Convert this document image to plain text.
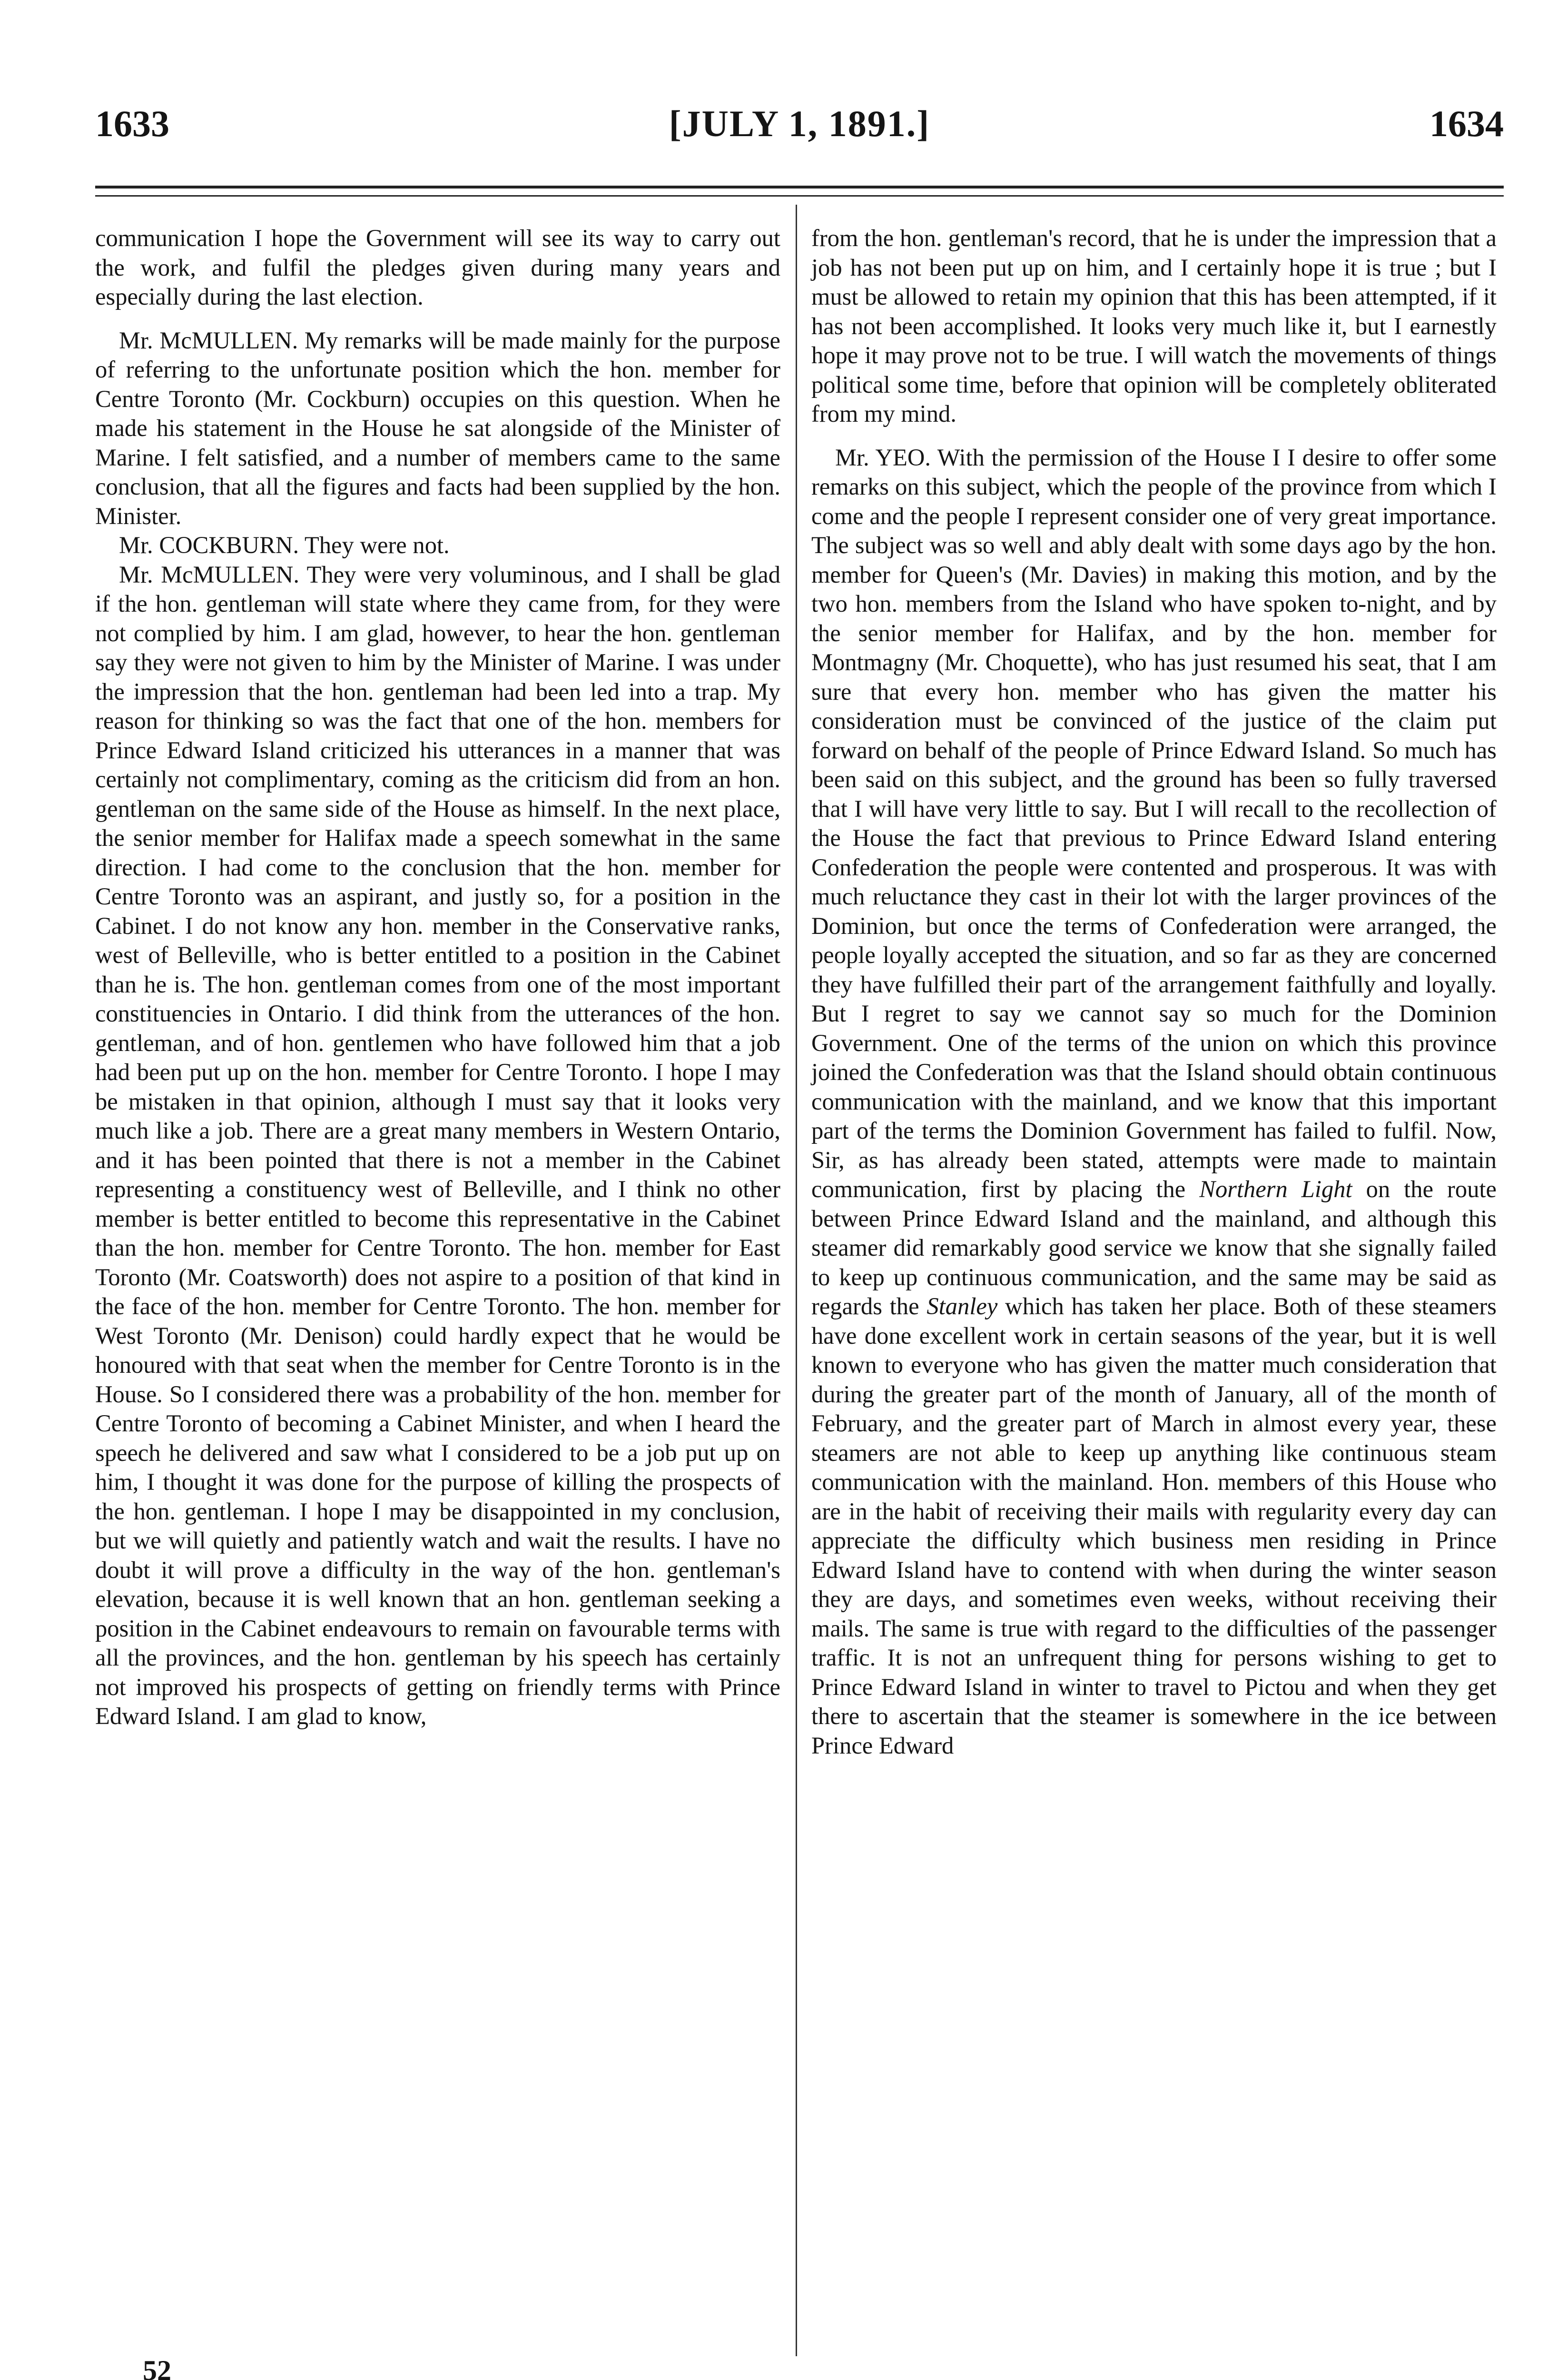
1633	[JULY 1, 1891.]	1634

communication I hope the Government will see its way to carry out the work, and fulfil the pledges given during many years and especially during the last election.

Mr. McMULLEN. My remarks will be made mainly for the purpose of referring to the unfortunate position which the hon. member for Centre Toronto (Mr. Cockburn) occupies on this question. When he made his statement in the House he sat alongside of the Minister of Marine. I felt satisfied, and a number of members came to the same conclusion, that all the figures and facts had been supplied by the hon. Minister.

Mr. COCKBURN. They were not.

Mr. McMULLEN. They were very voluminous, and I shall be glad if the hon. gentleman will state where they came from, for they were not complied by him. I am glad, however, to hear the hon. gentleman say they were not given to him by the Minister of Marine. I was under the impression that the hon. gentleman had been led into a trap. My reason for thinking so was the fact that one of the hon. members for Prince Edward Island criticized his utterances in a manner that was certainly not complimentary, coming as the criticism did from an hon. gentleman on the same side of the House as himself. In the next place, the senior member for Halifax made a speech somewhat in the same direction. I had come to the conclusion that the hon. member for Centre Toronto was an aspirant, and justly so, for a position in the Cabinet. I do not know any hon. member in the Conservative ranks, west of Belleville, who is better entitled to a position in the Cabinet than he is. The hon. gentleman comes from one of the most important constituencies in Ontario. I did think from the utterances of the hon. gentleman, and of hon. gentlemen who have followed him that a job had been put up on the hon. member for Centre Toronto. I hope I may be mistaken in that opinion, although I must say that it looks very much like a job. There are a great many members in Western Ontario, and it has been pointed that there is not a member in the Cabinet representing a constituency west of Belleville, and I think no other member is better entitled to become this representative in the Cabinet than the hon. member for Centre Toronto. The hon. member for East Toronto (Mr. Coatsworth) does not aspire to a position of that kind in the face of the hon. member for Centre Toronto. The hon. member for West Toronto (Mr. Denison) could hardly expect that he would be honoured with that seat when the member for Centre Toronto is in the House. So I considered there was a probability of the hon. member for Centre Toronto of becoming a Cabinet Minister, and when I heard the speech he delivered and saw what I considered to be a job put up on him, I thought it was done for the purpose of killing the prospects of the hon. gentleman. I hope I may be disappointed in my conclusion, but we will quietly and patiently watch and wait the results. I have no doubt it will prove a difficulty in the way of the hon. gentleman's elevation, because it is well known that an hon. gentleman seeking a position in the Cabinet endeavours to remain on favourable terms with all the provinces, and the hon. gentleman by his speech has certainly not improved his prospects of getting on friendly terms with Prince Edward Island. I am glad to know,

from the hon. gentleman's record, that he is under the impression that a job has not been put up on him, and I certainly hope it is true ; but I must be allowed to retain my opinion that this has been attempted, if it has not been accomplished. It looks very much like it, but I earnestly hope it may prove not to be true. I will watch the movements of things political some time, before that opinion will be completely obliterated from my mind.

Mr. YEO. With the permission of the House I I desire to offer some remarks on this subject, which the people of the province from which I come and the people I represent consider one of very great importance. The subject was so well and ably dealt with some days ago by the hon. member for Queen's (Mr. Davies) in making this motion, and by the two hon. members from the Island who have spoken to-night, and by the senior member for Halifax, and by the hon. member for Montmagny (Mr. Choquette), who has just resumed his seat, that I am sure that every hon. member who has given the matter his consideration must be convinced of the justice of the claim put forward on behalf of the people of Prince Edward Island. So much has been said on this subject, and the ground has been so fully traversed that I will have very little to say. But I will recall to the recollection of the House the fact that previous to Prince Edward Island entering Confederation the people were contented and prosperous. It was with much reluctance they cast in their lot with the larger provinces of the Dominion, but once the terms of Confederation were arranged, the people loyally accepted the situation, and so far as they are concerned they have fulfilled their part of the arrangement faithfully and loyally. But I regret to say we cannot say so much for the Dominion Government. One of the terms of the union on which this province joined the Confederation was that the Island should obtain continuous communication with the mainland, and we know that this important part of the terms the Dominion Government has failed to fulfil. Now, Sir, as has already been stated, attempts were made to maintain communication, first by placing the Northern Light on the route between Prince Edward Island and the mainland, and although this steamer did remarkably good service we know that she signally failed to keep up continuous communication, and the same may be said as regards the Stanley which has taken her place. Both of these steamers have done excellent work in certain seasons of the year, but it is well known to everyone who has given the matter much consideration that during the greater part of the month of January, all of the month of February, and the greater part of March in almost every year, these steamers are not able to keep up anything like continuous steam communication with the mainland. Hon. members of this House who are in the habit of receiving their mails with regularity every day can appreciate the difficulty which business men residing in Prince Edward Island have to contend with when during the winter season they are days, and sometimes even weeks, without receiving their mails. The same is true with regard to the difficulties of the passenger traffic. It is not an unfrequent thing for persons wishing to get to Prince Edward Island in winter to travel to Pictou and when they get there to ascertain that the steamer is somewhere in the ice between Prince Edward

52
